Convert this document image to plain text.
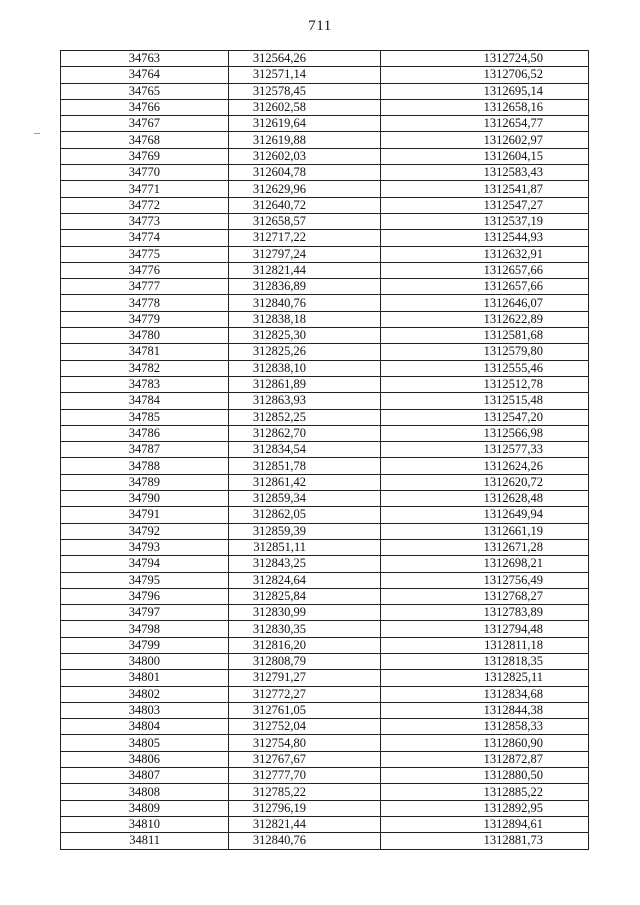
711
34763	312564,26	1312724,50
34764	312571,14	1312706,52
34765	312578,45	1312695,14
34766	312602,58	1312658,16
34767	312619,64	1312654,77
34768	312619,88	1312602,97
34769	312602,03	1312604,15
34770	312604,78	1312583,43
34771	312629,96	1312541,87
34772	312640,72	1312547,27
34773	312658,57	1312537,19
34774	312717,22	1312544,93
34775	312797,24	1312632,91
34776	312821,44	1312657,66
34777	312836,89	1312657,66
34778	312840,76	1312646,07
34779	312838,18	1312622,89
34780	312825,30	1312581,68
34781	312825,26	1312579,80
34782	312838,10	1312555,46
34783	312861,89	1312512,78
34784	312863,93	1312515,48
34785	312852,25	1312547,20
34786	312862,70	1312566,98
34787	312834,54	1312577,33
34788	312851,78	1312624,26
34789	312861,42	1312620,72
34790	312859,34	1312628,48
34791	312862,05	1312649,94
34792	312859,39	1312661,19
34793	312851,11	1312671,28
34794	312843,25	1312698,21
34795	312824,64	1312756,49
34796	312825,84	1312768,27
34797	312830,99	1312783,89
34798	312830,35	1312794,48
34799	312816,20	1312811,18
34800	312808,79	1312818,35
34801	312791,27	1312825,11
34802	312772,27	1312834,68
34803	312761,05	1312844,38
34804	312752,04	1312858,33
34805	312754,80	1312860,90
34806	312767,67	1312872,87
34807	312777,70	1312880,50
34808	312785,22	1312885,22
34809	312796,19	1312892,95
34810	312821,44	1312894,61
34811	312840,76	1312881,73
